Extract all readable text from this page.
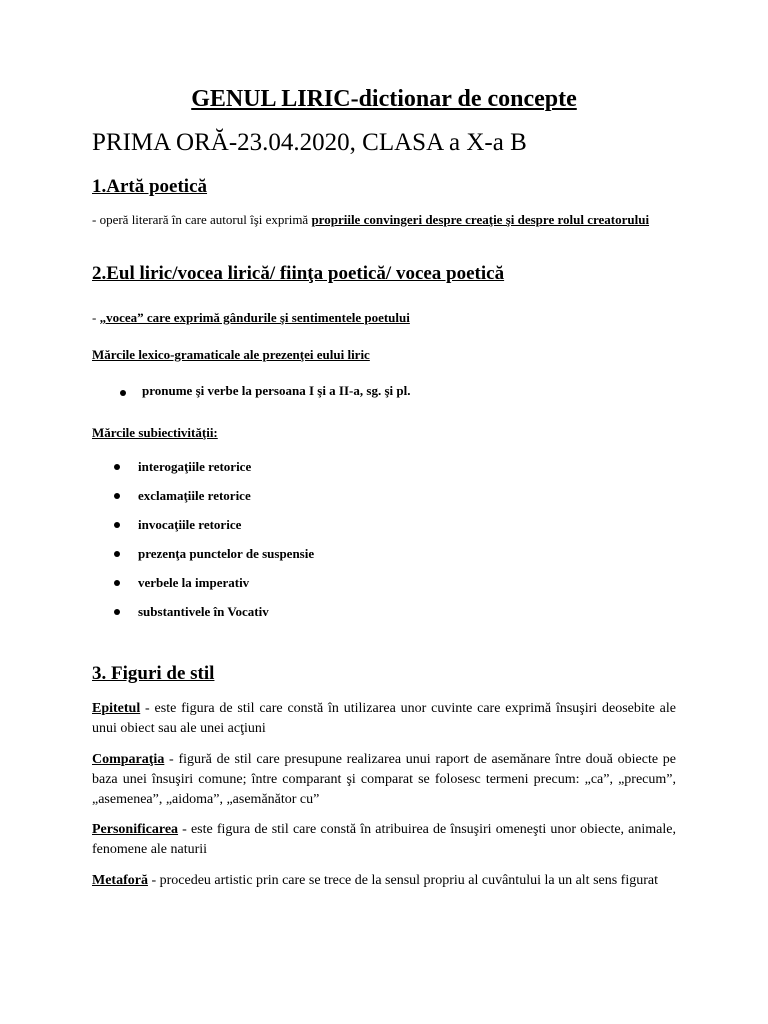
GENUL LIRIC-dictionar de concepte
PRIMA ORĂ-23.04.2020, CLASA a X-a B
1.Artă poetică
- operă literară în care autorul îşi exprimă propriile convingeri despre creaţie şi despre rolul creatorului
2.Eul liric/vocea lirică/ fiinţa poetică/ vocea poetică
- „vocea” care exprimă gândurile şi sentimentele poetului
Mărcile lexico-gramaticale ale prezenţei eului liric
pronume şi verbe la persoana I şi a II-a, sg. şi pl.
Mărcile subiectivităţii:
interogaţiile retorice
exclamaţiile retorice
invocaţiile retorice
prezenţa punctelor de suspensie
verbele la imperativ
substantivele în Vocativ
3. Figuri de stil
Epitetul - este figura de stil care constă în utilizarea unor cuvinte care exprimă însuşiri deosebite ale unui obiect sau ale unei acţiuni
Comparaţia - figură de stil care presupune realizarea unui raport de asemănare între două obiecte pe baza unei însuşiri comune; între comparant şi comparat se folosesc termeni precum: „ca”, „precum”, „asemenea”, „aidoma”, „asemănător cu”
Personificarea - este figura de stil care constă în atribuirea de însuşiri omeneşti unor obiecte, animale, fenomene ale naturii
Metaforă - procedeu artistic prin care se trece de la sensul propriu al cuvântului la un alt sens figurat
